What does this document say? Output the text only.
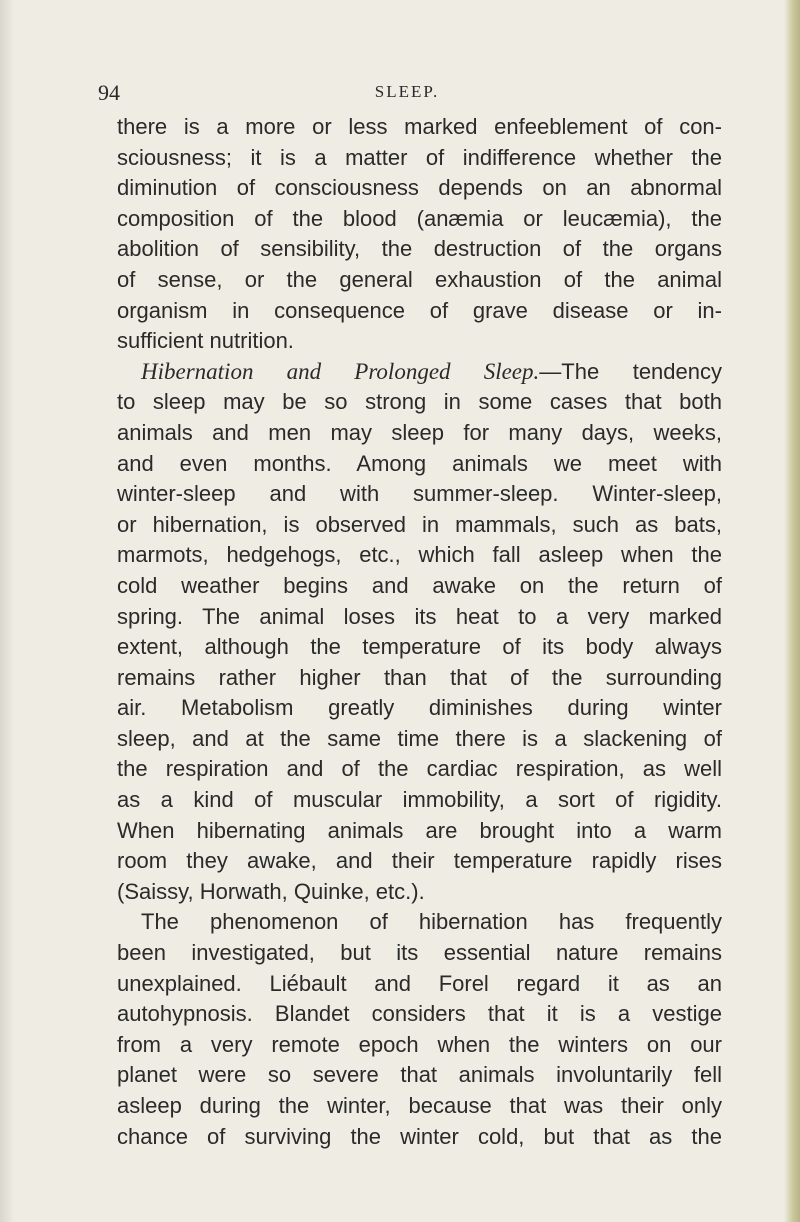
94	SLEEP.
there is a more or less marked enfeeblement of con-
sciousness; it is a matter of indifference whether the
diminution of consciousness depends on an abnormal
composition of the blood (anæmia or leucæmia), the
abolition of sensibility, the destruction of the organs
of sense, or the general exhaustion of the animal
organism in consequence of grave disease or in-
sufficient nutrition.
Hibernation and Prolonged Sleep.—The tendency
to sleep may be so strong in some cases that both
animals and men may sleep for many days, weeks,
and even months. Among animals we meet with
winter-sleep and with summer-sleep. Winter-sleep,
or hibernation, is observed in mammals, such as bats,
marmots, hedgehogs, etc., which fall asleep when the
cold weather begins and awake on the return of
spring. The animal loses its heat to a very marked
extent, although the temperature of its body always
remains rather higher than that of the surrounding
air. Metabolism greatly diminishes during winter
sleep, and at the same time there is a slackening of
the respiration and of the cardiac respiration, as well
as a kind of muscular immobility, a sort of rigidity.
When hibernating animals are brought into a warm
room they awake, and their temperature rapidly rises
(Saissy, Horwath, Quinke, etc.).
The phenomenon of hibernation has frequently
been investigated, but its essential nature remains
unexplained. Liébault and Forel regard it as an
autohypnosis. Blandet considers that it is a vestige
from a very remote epoch when the winters on our
planet were so severe that animals involuntarily fell
asleep during the winter, because that was their only
chance of surviving the winter cold, but that as the
